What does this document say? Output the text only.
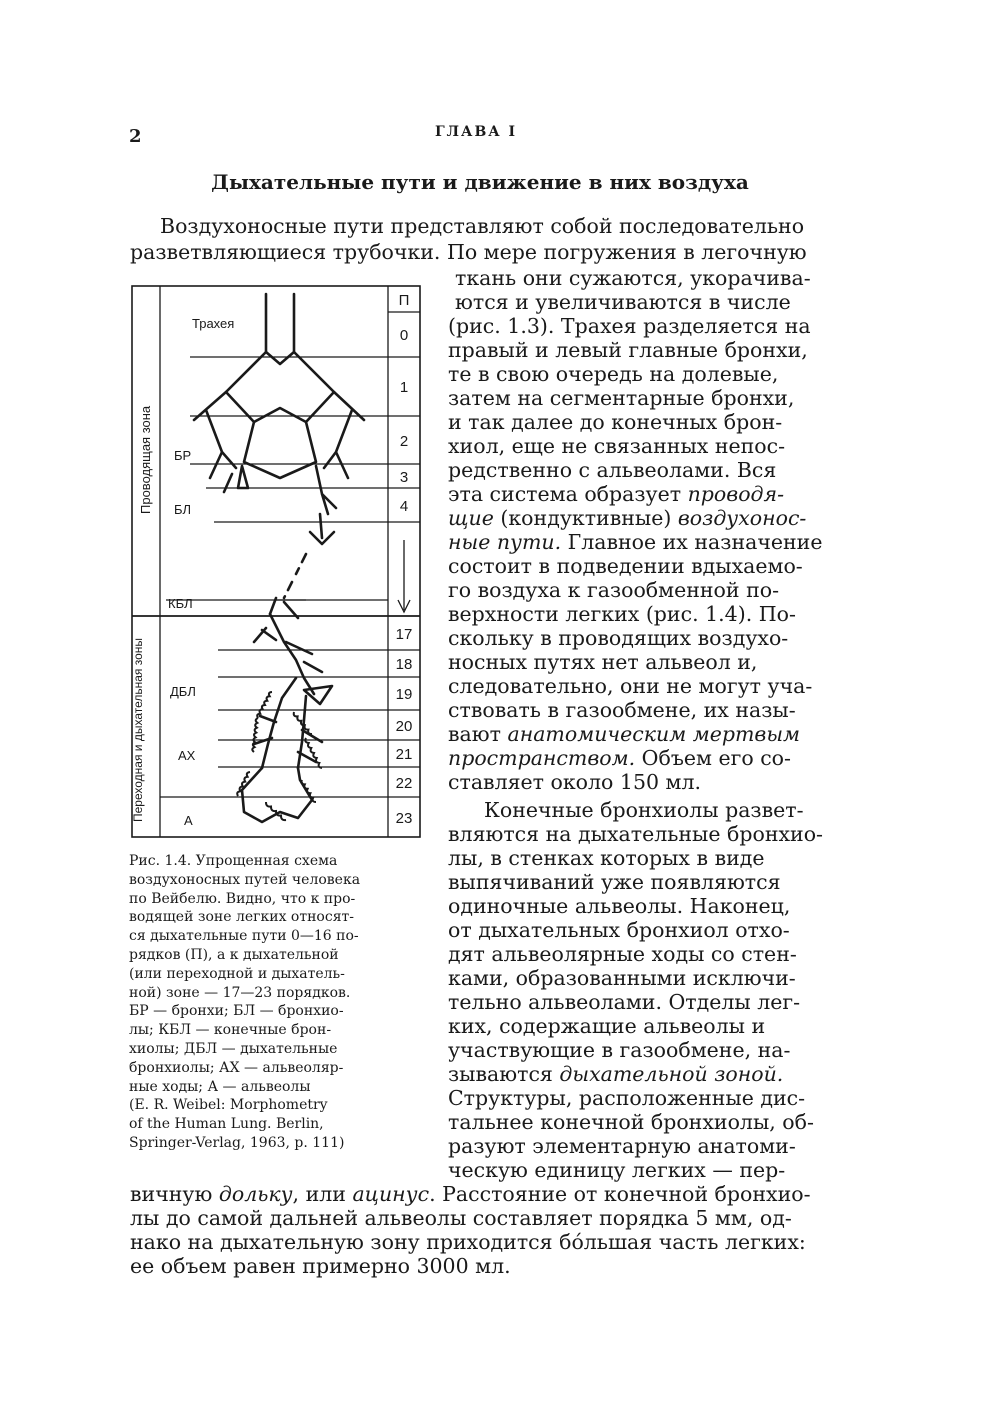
2	ГЛАВА I
Дыхательные пути и движение в них воздуха
Трахея
БР
БЛ
КБЛ
ДБЛ
АХ
А
Проводящая зона
Переходная и дыхательная зоны
П
0
1
2
3
4
17
18
19
20
21
22
23
Рис. 1.4. Упрощенная схема
воздухоносных путей человека
по Вейбелю. Видно, что к про-
водящей зоне легких относят-
ся дыхательные пути 0—16 по-
рядков (П), а к дыхательной
(или переходной и дыхатель-
ной) зоне — 17—23 порядков.
БР — бронхи; БЛ — бронхио-
лы; КБЛ — конечные брон-
хиолы; ДБЛ — дыхательные
бронхиолы; АХ — альвеоляр-
ные ходы; А — альвеолы
(E. R. Weibel: Morphometry
of the Human Lung. Berlin,
Springer-Verlag, 1963, p. 111)
Воздухоносные пути представляют собой последовательно
разветвляющиеся трубочки. По мере погружения в легочную
ткань они сужаются, укорачива-
ются и увеличиваются в числе
(рис. 1.3). Трахея разделяется на
правый и левый главные бронхи,
те в свою очередь на долевые,
затем на сегментарные бронхи,
и так далее до конечных брон-
хиол, еще не связанных непос-
редственно с альвеолами. Вся
эта система образует проводя-
щие (кондуктивные) воздухонос-
ные пути. Главное их назначение
состоит в подведении вдыхаемо-
го воздуха к газообменной по-
верхности легких (рис. 1.4). По-
скольку в проводящих воздухо-
носных путях нет альвеол и,
следовательно, они не могут уча-
ствовать в газообмене, их назы-
вают анатомическим мертвым
пространством. Объем его со-
ставляет около 150 мл.
Конечные бронхиолы развет-
вляются на дыхательные бронхио-
лы, в стенках которых в виде
выпячиваний уже появляются
одиночные альвеолы. Наконец,
от дыхательных бронхиол отхо-
дят альвеолярные ходы со стен-
ками, образованными исключи-
тельно альвеолами. Отделы лег-
ких, содержащие альвеолы и
участвующие в газообмене, на-
зываются дыхательной зоной.
Структуры, расположенные дис-
тальнее конечной бронхиолы, об-
разуют элементарную анатоми-
ческую единицу легких — пер-
вичную дольку, или ацинус. Расстояние от конечной бронхио-
лы до самой дальней альвеолы составляет порядка 5 мм, од-
нако на дыхательную зону приходится бо́льшая часть легких:
ее объем равен примерно 3000 мл.
